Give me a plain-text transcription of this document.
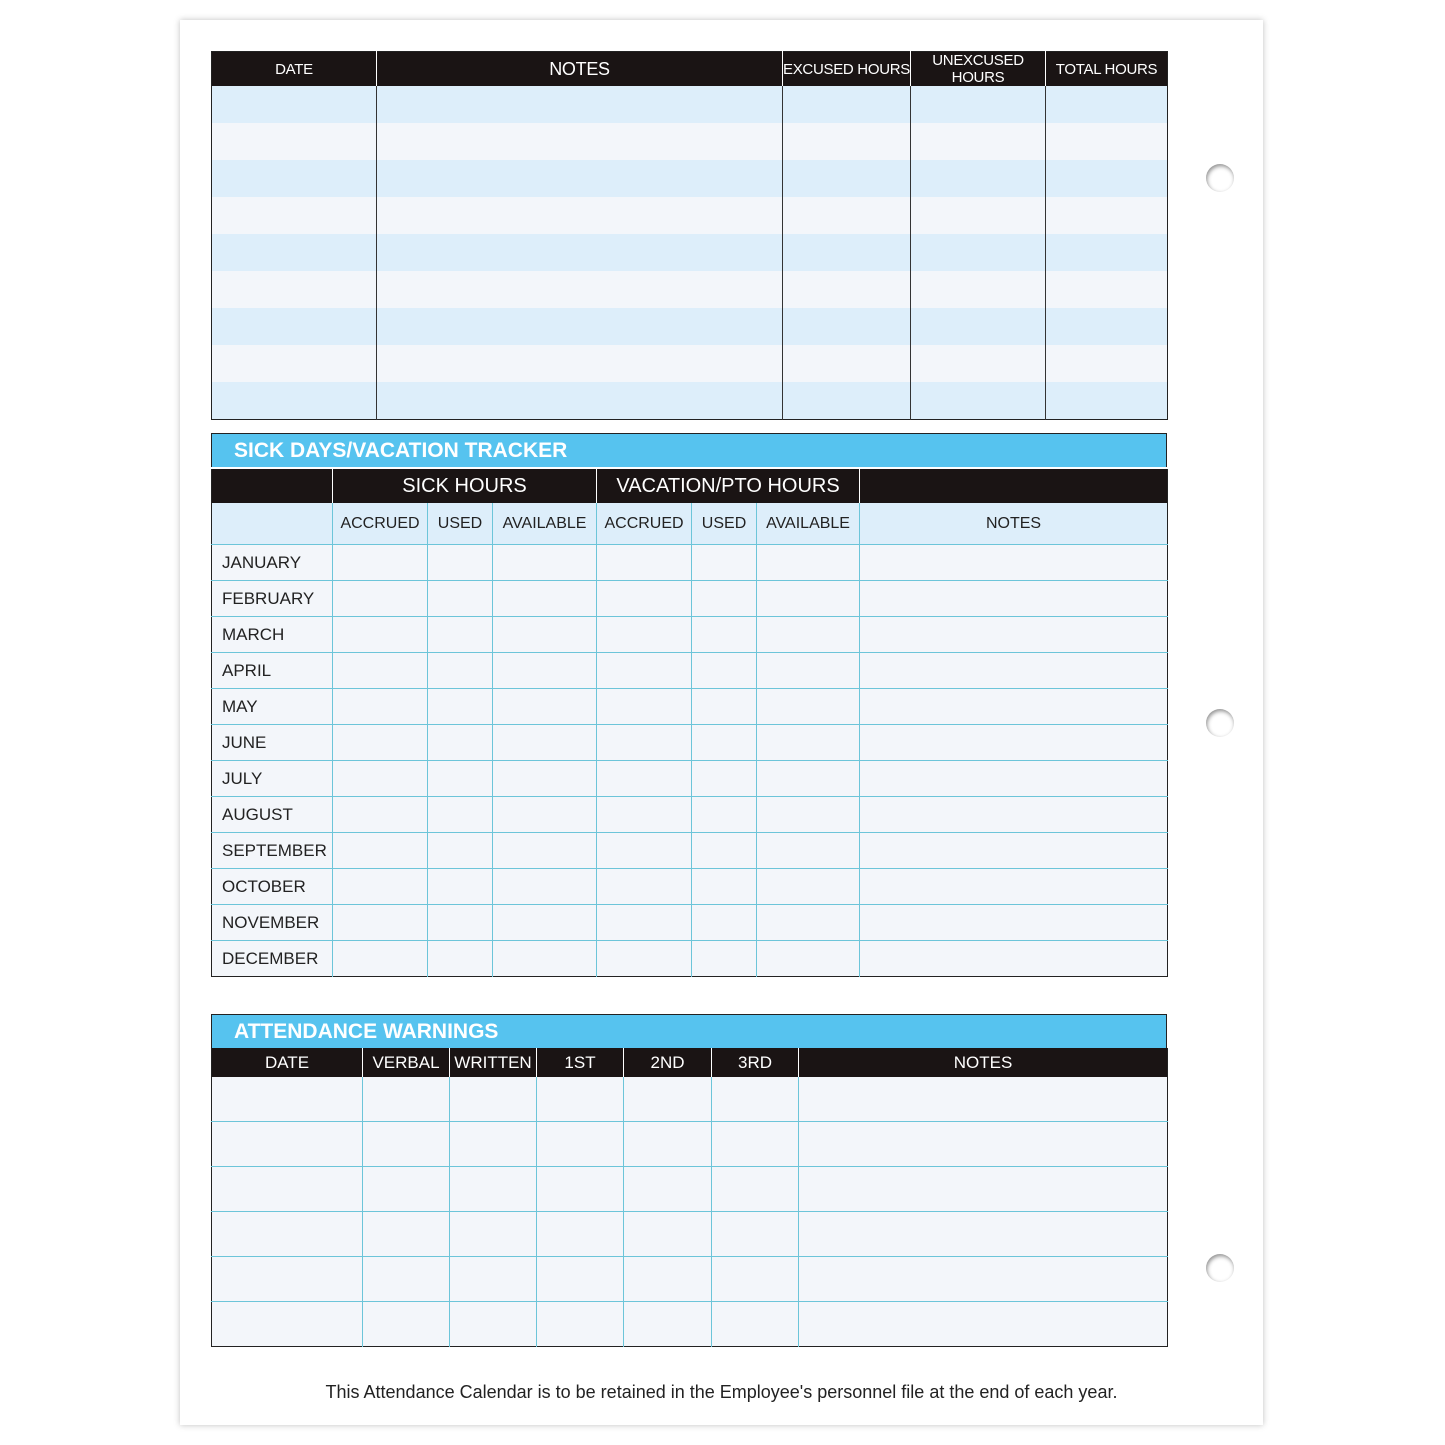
DATE	NOTES	EXCUSED HOURS	UNEXCUSED HOURS	TOTAL HOURS

SICK DAYS/VACATION TRACKER
	SICK HOURS			VACATION/PTO HOURS			
	ACCRUED	USED	AVAILABLE	ACCRUED	USED	AVAILABLE	NOTES
JANUARY							
FEBRUARY							
MARCH							
APRIL							
MAY							
JUNE							
JULY							
AUGUST							
SEPTEMBER							
OCTOBER							
NOVEMBER							
DECEMBER							
ATTENDANCE WARNINGS
DATE	VERBAL	WRITTEN	1ST	2ND	3RD	NOTES

This Attendance Calendar is to be retained in the Employee's personnel file at the end of each year.
